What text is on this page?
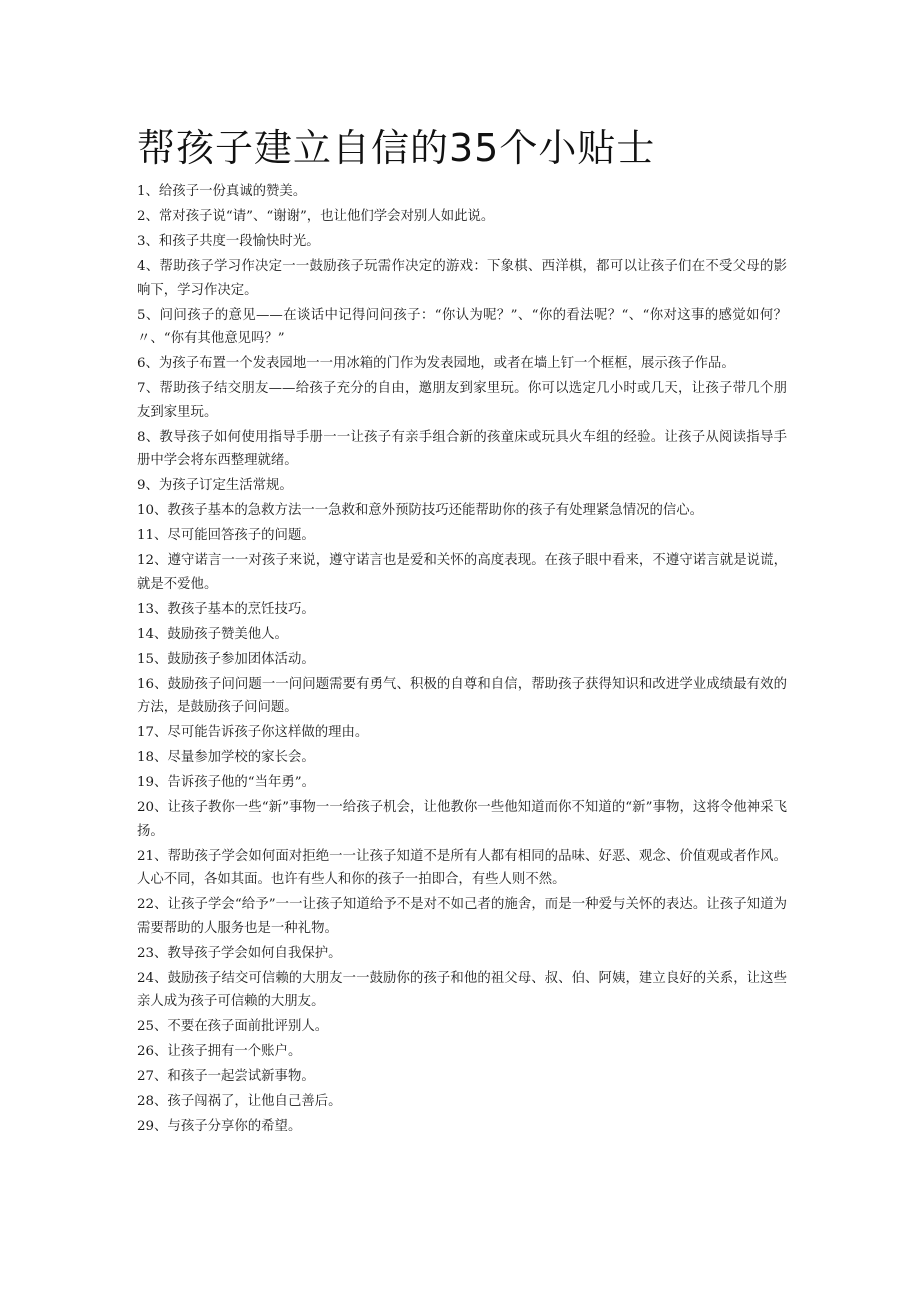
帮孩子建立自信的35个小贴士
1、给孩子一份真诚的赞美。
2、常对孩子说“请”、“谢谢”，也让他们学会对别人如此说。
3、和孩子共度一段愉快时光。
4、帮助孩子学习作决定一一鼓励孩子玩需作决定的游戏：下象棋、西洋棋，都可以让孩子们在不受父母的影响下，学习作决定。
5、问问孩子的意见——在谈话中记得问问孩子：“你认为呢？”、“你的看法呢？“、“你对这事的感觉如何？〃、“你有其他意见吗？”
6、为孩子布置一个发表园地一一用冰箱的门作为发表园地，或者在墙上钉一个框框，展示孩子作品。
7、帮助孩子结交朋友——给孩子充分的自由，邀朋友到家里玩。你可以选定几小时或几天，让孩子带几个朋友到家里玩。
8、教导孩子如何使用指导手册一一让孩子有亲手组合新的孩童床或玩具火车组的经验。让孩子从阅读指导手册中学会将东西整理就绪。
9、为孩子订定生活常规。
10、教孩子基本的急救方法一一急救和意外预防技巧还能帮助你的孩子有处理紧急情况的信心。
11、尽可能回答孩子的问题。
12、遵守诺言一一对孩子来说，遵守诺言也是爱和关怀的高度表现。在孩子眼中看来，不遵守诺言就是说谎，就是不爱他。
13、教孩子基本的烹饪技巧。
14、鼓励孩子赞美他人。
15、鼓励孩子参加团体活动。
16、鼓励孩子问问题一一问问题需要有勇气、积极的自尊和自信，帮助孩子获得知识和改进学业成绩最有效的方法，是鼓励孩子问问题。
17、尽可能告诉孩子你这样做的理由。
18、尽量参加学校的家长会。
19、告诉孩子他的“当年勇”。
20、让孩子教你一些“新”事物一一给孩子机会，让他教你一些他知道而你不知道的“新”事物，这将令他神采飞扬。
21、帮助孩子学会如何面对拒绝一一让孩子知道不是所有人都有相同的品味、好恶、观念、价值观或者作风。人心不同，各如其面。也许有些人和你的孩子一拍即合，有些人则不然。
22、让孩子学会“给予”一一让孩子知道给予不是对不如己者的施舍，而是一种爱与关怀的表达。让孩子知道为需要帮助的人服务也是一种礼物。
23、教导孩子学会如何自我保护。
24、鼓励孩子结交可信赖的大朋友一一鼓励你的孩子和他的祖父母、叔、伯、阿姨，建立良好的关系，让这些亲人成为孩子可信赖的大朋友。
25、不要在孩子面前批评别人。
26、让孩子拥有一个账户。
27、和孩子一起尝试新事物。
28、孩子闯祸了，让他自己善后。
29、与孩子分享你的希望。
